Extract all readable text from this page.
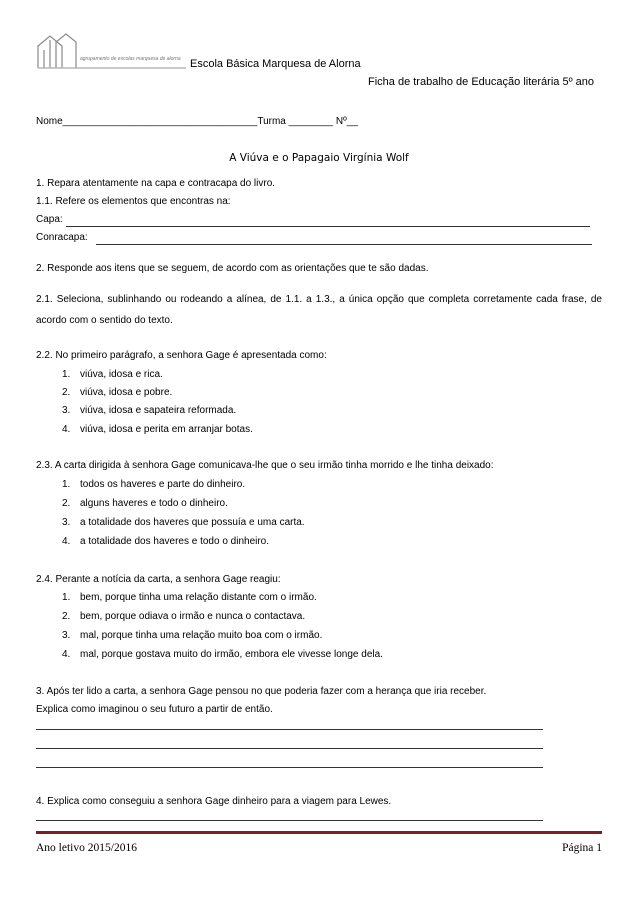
agrupamento de escolas marquesa de alorna Escola Básica Marquesa de Alorna
Ficha de trabalho de Educação literária 5º ano
Nome___________________________________Turma ________ Nº__
A Viúva e o Papagaio Virgínia Wolf
1. Repara atentamente na capa e contracapa do livro.
1.1. Refere os elementos que encontras na:
Capa:
Conracapa:
2. Responde aos itens que se seguem, de acordo com as orientações que te são dadas.
2.1. Seleciona, sublinhando ou rodeando a alínea, de 1.1. a 1.3., a única opção que completa corretamente cada frase, de acordo com o sentido do texto.
2.2. No primeiro parágrafo, a senhora Gage é apresentada como:
1. viúva, idosa e rica.
2. viúva, idosa e pobre.
3. viúva, idosa e sapateira reformada.
4. viúva, idosa e perita em arranjar botas.
2.3. A carta dirigida à senhora Gage comunicava-lhe que o seu irmão tinha morrido e lhe tinha deixado:
1. todos os haveres e parte do dinheiro.
2. alguns haveres e todo o dinheiro.
3. a totalidade dos haveres que possuía e uma carta.
4. a totalidade dos haveres e todo o dinheiro.
2.4. Perante a notícia da carta, a senhora Gage reagiu:
1. bem, porque tinha uma relação distante com o irmão.
2. bem, porque odiava o irmão e nunca o contactava.
3. mal, porque tinha uma relação muito boa com o irmão.
4. mal, porque gostava muito do irmão, embora ele vivesse longe dela.
3. Após ter lido a carta, a senhora Gage pensou no que poderia fazer com a herança que iria receber.
Explica como imaginou o seu futuro a partir de então.
4. Explica como conseguiu a senhora Gage dinheiro para a viagem para Lewes.
Ano letivo 2015/2016	Página 1
